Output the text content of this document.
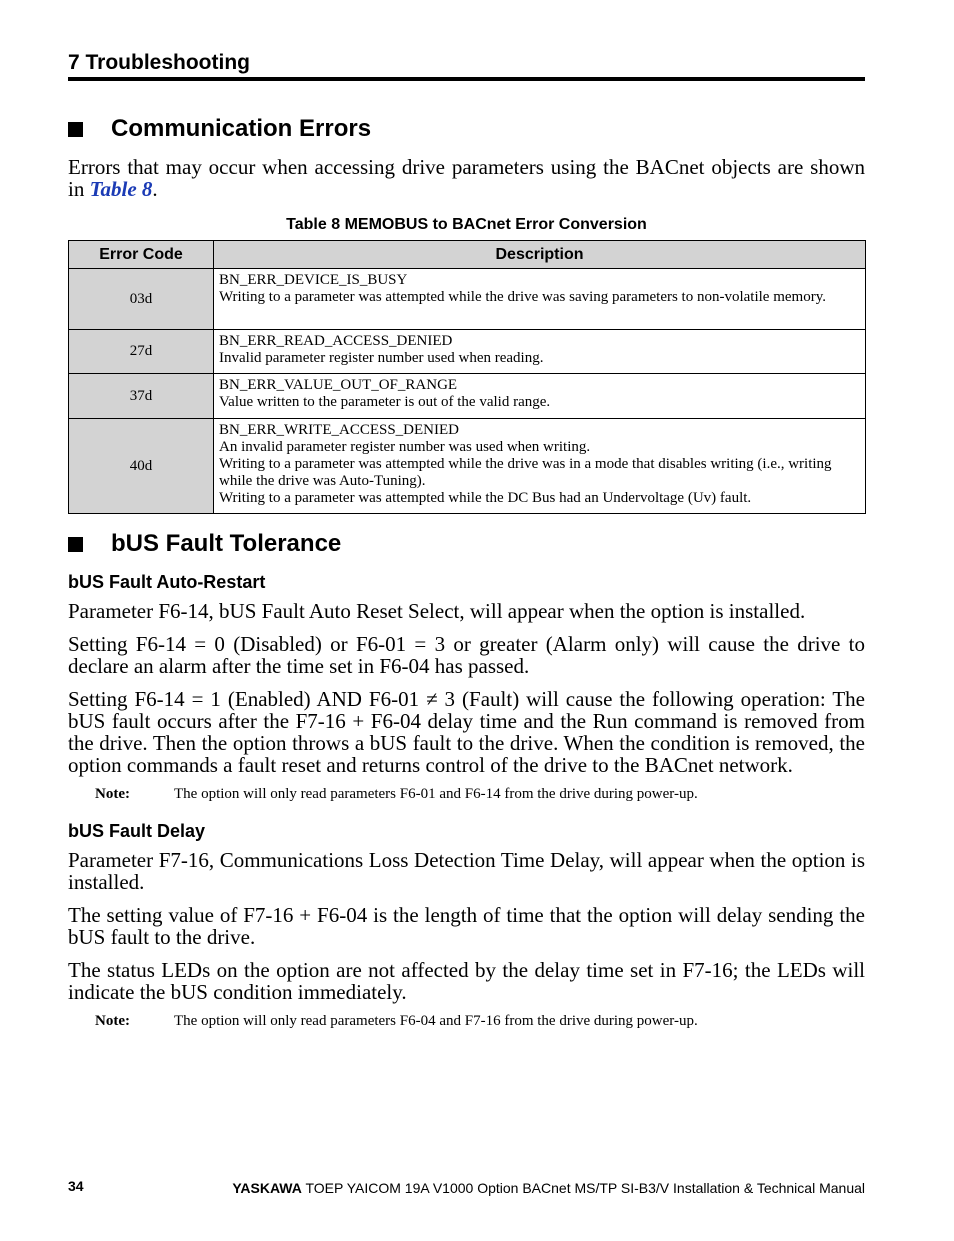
7 Troubleshooting
Communication Errors
Errors that may occur when accessing drive parameters using the BACnet objects are shown in Table 8.
Table 8 MEMOBUS to BACnet Error Conversion
Error Code	Description
03d	BN_ERR_DEVICE_IS_BUSY
Writing to a parameter was attempted while the drive was saving parameters to non-volatile memory.

27d	BN_ERR_READ_ACCESS_DENIED
Invalid parameter register number used when reading.

37d	BN_ERR_VALUE_OUT_OF_RANGE
Value written to the parameter is out of the valid range.

40d	BN_ERR_WRITE_ACCESS_DENIED
An invalid parameter register number was used when writing.
Writing to a parameter was attempted while the drive was in a mode that disables writing (i.e., writing while the drive was Auto-Tuning).
Writing to a parameter was attempted while the DC Bus had an Undervoltage (Uv) fault.
bUS Fault Tolerance
bUS Fault Auto-Restart
Parameter F6-14, bUS Fault Auto Reset Select, will appear when the option is installed.
Setting F6-14 = 0 (Disabled) or F6-01 = 3 or greater (Alarm only) will cause the drive to declare an alarm after the time set in F6-04 has passed.
Setting F6-14 = 1 (Enabled) AND F6-01 ≠ 3 (Fault) will cause the following operation: The bUS fault occurs after the F7-16 + F6-04 delay time and the Run command is removed from the drive. Then the option throws a bUS fault to the drive. When the condition is removed, the option commands a fault reset and returns control of the drive to the BACnet network.
Note:	The option will only read parameters F6-01 and F6-14 from the drive during power-up.
bUS Fault Delay
Parameter F7-16, Communications Loss Detection Time Delay, will appear when the option is installed.
The setting value of F7-16 + F6-04 is the length of time that the option will delay sending the bUS fault to the drive.
The status LEDs on the option are not affected by the delay time set in F7-16; the LEDs will indicate the bUS condition immediately.
Note:	The option will only read parameters F6-04 and F7-16 from the drive during power-up.
34	YASKAWA TOEP YAICOM 19A V1000 Option BACnet MS/TP SI-B3/V Installation & Technical Manual
